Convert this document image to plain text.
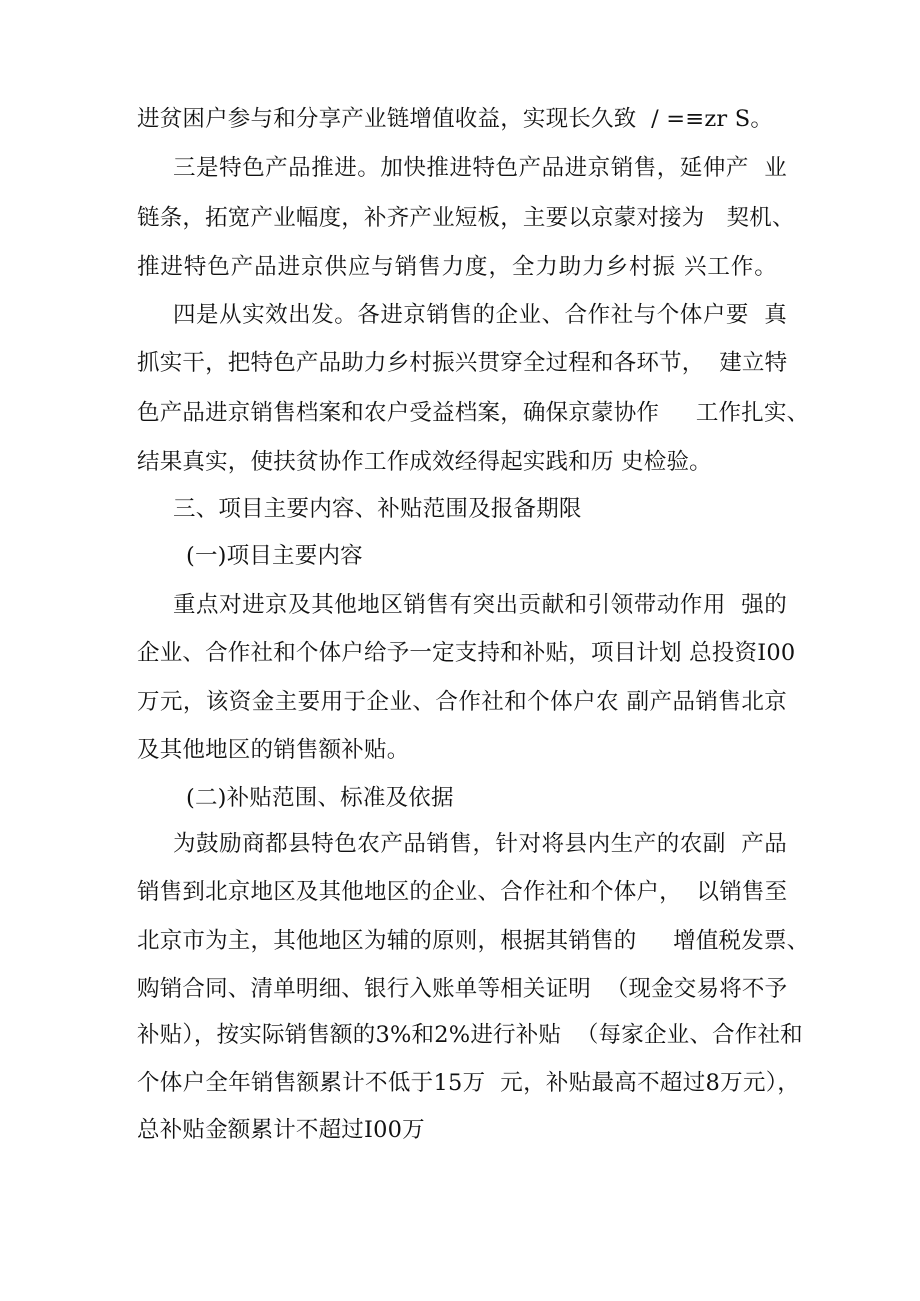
进贫困户参与和分享产业链增值收益，实现长久致  / =≡zr S。
三是特色产品推进。加快推进特色产品进京销售，延伸产  业
链条，拓宽产业幅度，补齐产业短板，主要以京蒙对接为   契机、
推进特色产品进京供应与销售力度，全力助力乡村振 兴工作。
四是从实效出发。各进京销售的企业、合作社与个体户要  真
抓实干，把特色产品助力乡村振兴贯穿全过程和各环节，  建立特
色产品进京销售档案和农户受益档案，确保京蒙协作     工作扎实、
结果真实，使扶贫协作工作成效经得起实践和历 史检验。
三、项目主要内容、补贴范围及报备期限
(一)项目主要内容
重点对进京及其他地区销售有突出贡献和引领带动作用  强的
企业、合作社和个体户给予一定支持和补贴，项目计划 总投资I00
万元，该资金主要用于企业、合作社和个体户农 副产品销售北京
及其他地区的销售额补贴。
(二)补贴范围、标准及依据
为鼓励商都县特色农产品销售，针对将县内生产的农副  产品
销售到北京地区及其他地区的企业、合作社和个体户，  以销售至
北京市为主，其他地区为辅的原则，根据其销售的     增值税发票、
购销合同、清单明细、银行入账单等相关证明  （现金交易将不予
补贴），按实际销售额的3%和2%进行补贴  （每家企业、合作社和
个体户全年销售额累计不低于15万  元，补贴最高不超过8万元），
总补贴金额累计不超过I00万
